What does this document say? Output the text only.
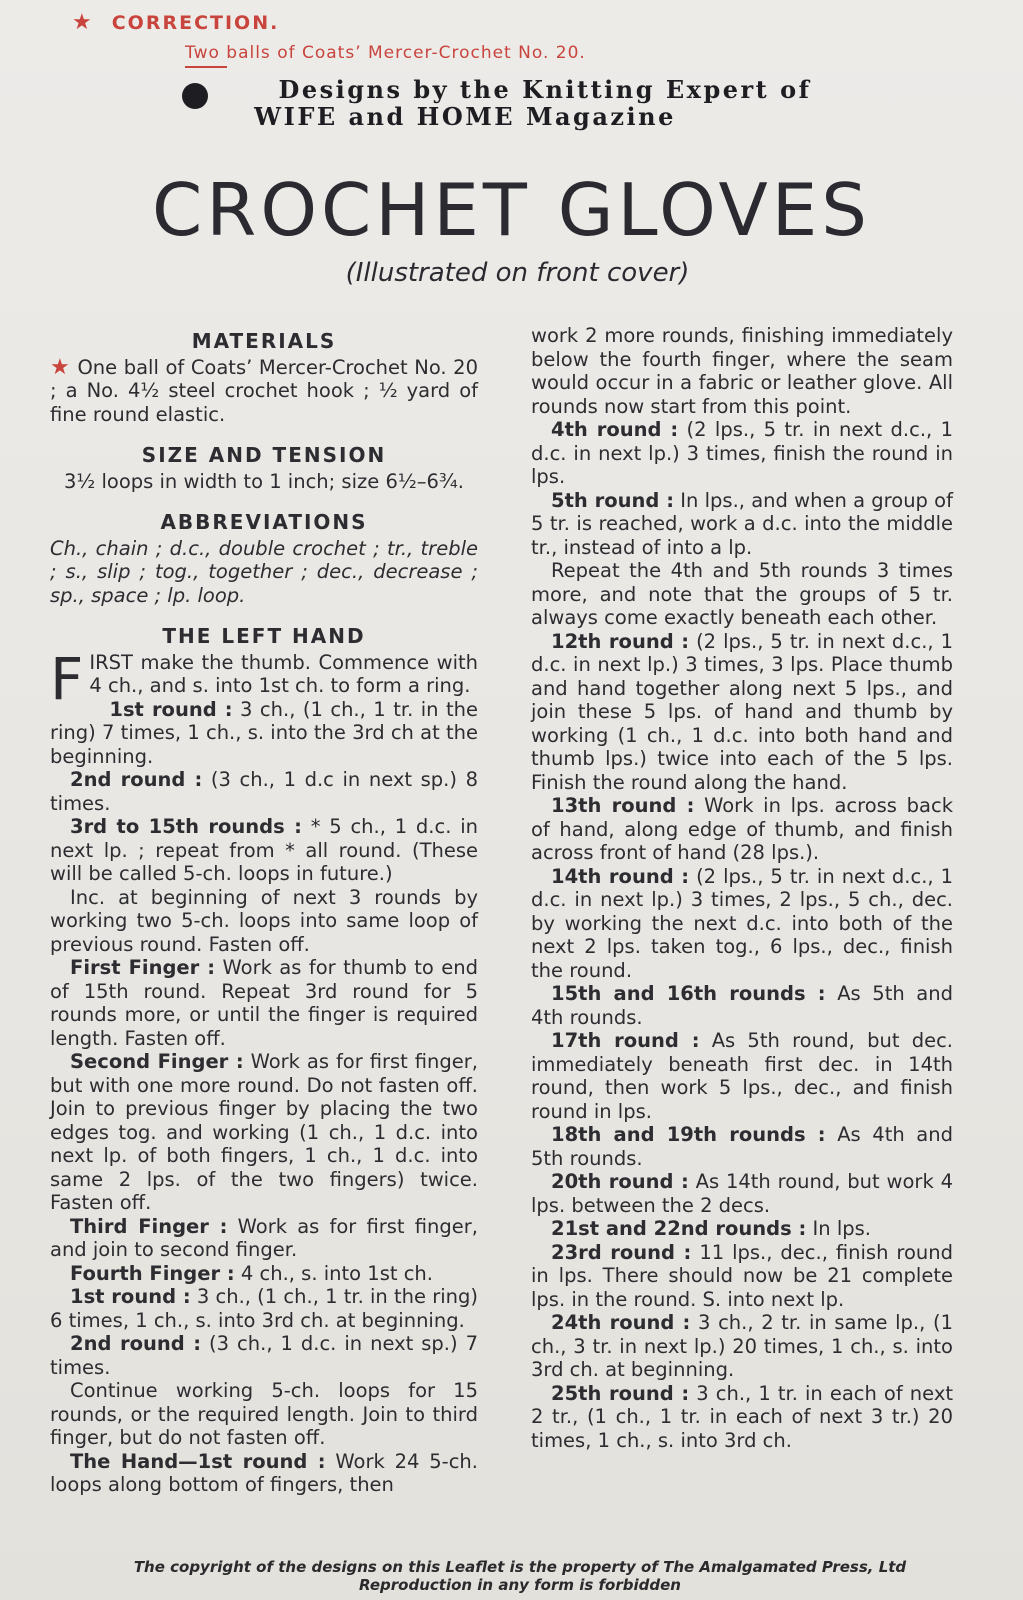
★ CORRECTION.
Two balls of Coats’ Mercer-Crochet No. 20.
Designs by the Knitting Expert of
WIFE and HOME Magazine
CROCHET GLOVES
(Illustrated on front cover)
MATERIALS

★ One ball of Coats’ Mercer-Crochet No. 20 ; a No. 4½ steel crochet hook ; ½ yard of fine round elastic.

SIZE AND TENSION

3½ loops in width to 1 inch; size 6½–6¾.

ABBREVIATIONS

Ch., chain ; d.c., double crochet ; tr., treble ; s., slip ; tog., together ; dec., decrease ; sp., space ; lp. loop.

THE LEFT HAND

FIRST make the thumb. Commence with 4 ch., and s. into 1st ch. to form a ring.

1st round : 3 ch., (1 ch., 1 tr. in the ring) 7 times, 1 ch., s. into the 3rd ch at the beginning.

2nd round : (3 ch., 1 d.c in next sp.) 8 times.

3rd to 15th rounds : * 5 ch., 1 d.c. in next lp. ; repeat from * all round. (These will be called 5-ch. loops in future.)

Inc. at beginning of next 3 rounds by working two 5-ch. loops into same loop of previous round. Fasten off.

First Finger : Work as for thumb to end of 15th round. Repeat 3rd round for 5 rounds more, or until the finger is required length. Fasten off.

Second Finger : Work as for first finger, but with one more round. Do not fasten off. Join to previous finger by placing the two edges tog. and working (1 ch., 1 d.c. into next lp. of both fingers, 1 ch., 1 d.c. into same 2 lps. of the two fingers) twice. Fasten off.

Third Finger : Work as for first finger, and join to second finger.

Fourth Finger : 4 ch., s. into 1st ch.

1st round : 3 ch., (1 ch., 1 tr. in the ring) 6 times, 1 ch., s. into 3rd ch. at beginning.

2nd round : (3 ch., 1 d.c. in next sp.) 7 times.

Continue working 5-ch. loops for 15 rounds, or the required length. Join to third finger, but do not fasten off.

The Hand—1st round : Work 24 5-ch. loops along bottom of fingers, then

work 2 more rounds, finishing immediately below the fourth finger, where the seam would occur in a fabric or leather glove. All rounds now start from this point.

4th round : (2 lps., 5 tr. in next d.c., 1 d.c. in next lp.) 3 times, finish the round in lps.

5th round : In lps., and when a group of 5 tr. is reached, work a d.c. into the middle tr., instead of into a lp.

Repeat the 4th and 5th rounds 3 times more, and note that the groups of 5 tr. always come exactly beneath each other.

12th round : (2 lps., 5 tr. in next d.c., 1 d.c. in next lp.) 3 times, 3 lps. Place thumb and hand together along next 5 lps., and join these 5 lps. of hand and thumb by working (1 ch., 1 d.c. into both hand and thumb lps.) twice into each of the 5 lps. Finish the round along the hand.

13th round : Work in lps. across back of hand, along edge of thumb, and finish across front of hand (28 lps.).

14th round : (2 lps., 5 tr. in next d.c., 1 d.c. in next lp.) 3 times, 2 lps., 5 ch., dec. by working the next d.c. into both of the next 2 lps. taken tog., 6 lps., dec., finish the round.

15th and 16th rounds : As 5th and 4th rounds.

17th round : As 5th round, but dec. immediately beneath first dec. in 14th round, then work 5 lps., dec., and finish round in lps.

18th and 19th rounds : As 4th and 5th rounds.

20th round : As 14th round, but work 4 lps. between the 2 decs.

21st and 22nd rounds : In lps.

23rd round : 11 lps., dec., finish round in lps. There should now be 21 complete lps. in the round. S. into next lp.

24th round : 3 ch., 2 tr. in same lp., (1 ch., 3 tr. in next lp.) 20 times, 1 ch., s. into 3rd ch. at beginning.

25th round : 3 ch., 1 tr. in each of next 2 tr., (1 ch., 1 tr. in each of next 3 tr.) 20 times, 1 ch., s. into 3rd ch.

The copyright of the designs on this Leaflet is the property of The Amalgamated Press, Ltd
Reproduction in any form is forbidden
